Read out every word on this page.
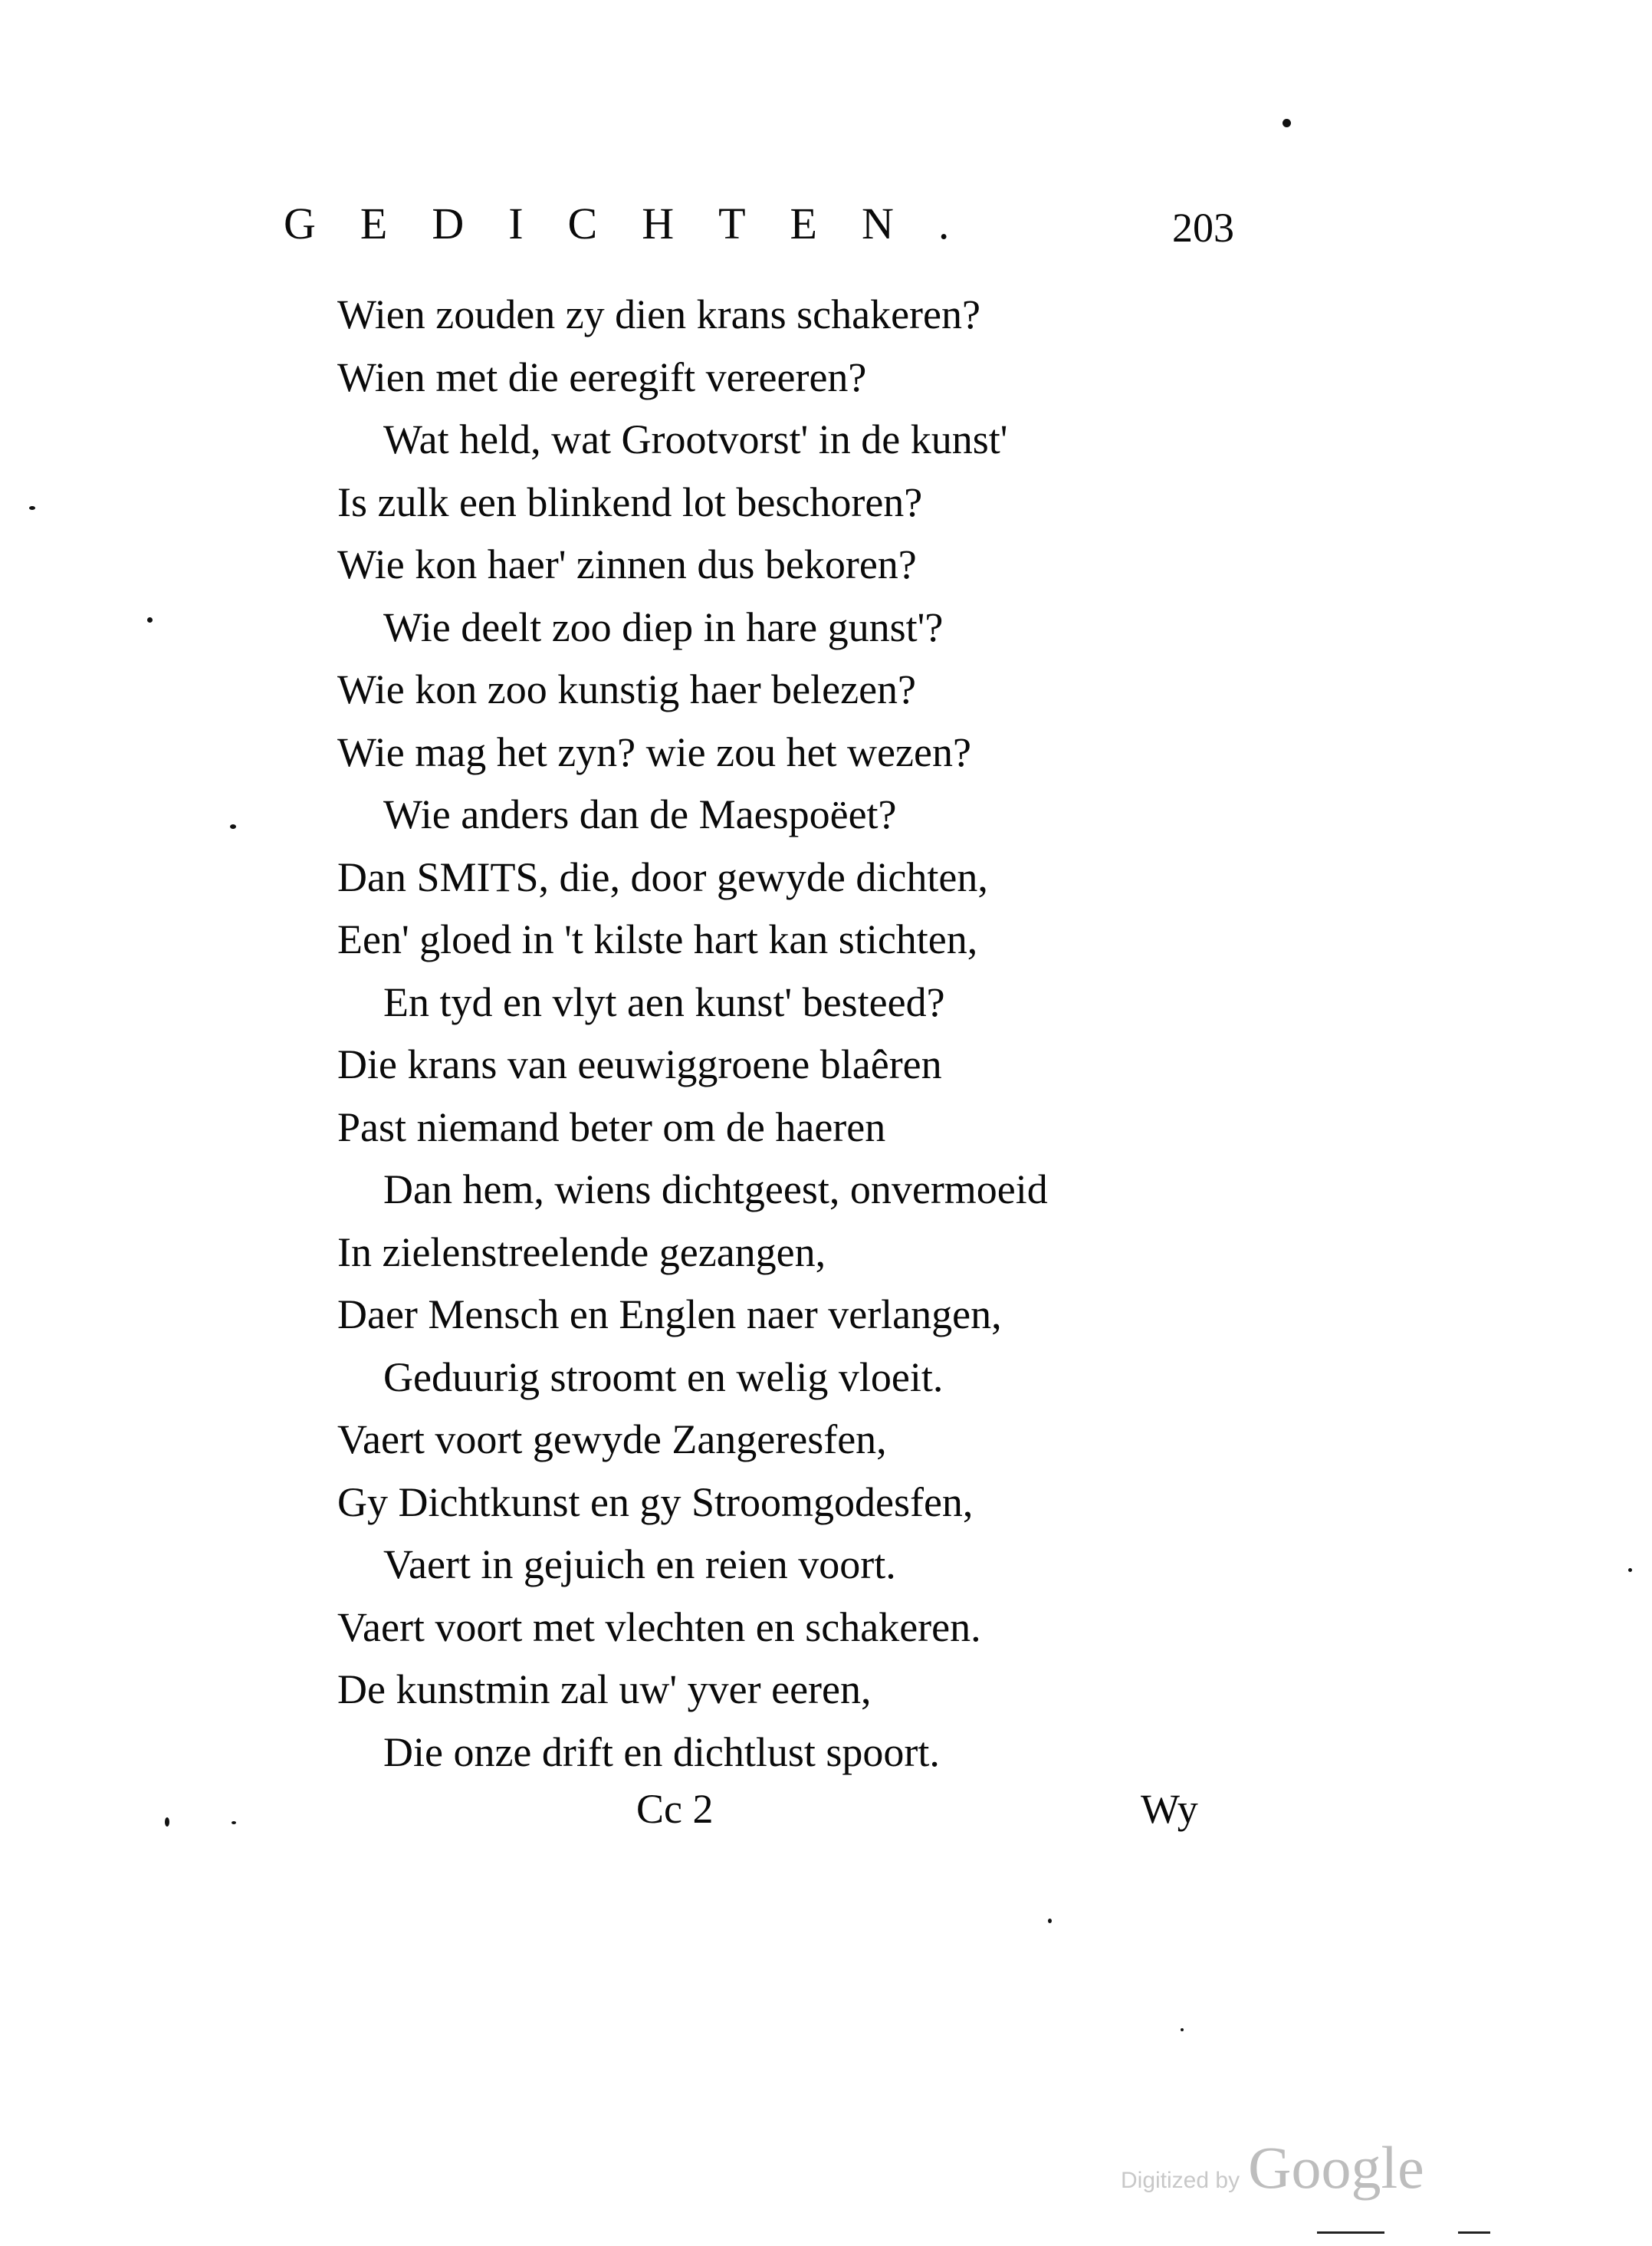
GEDICHTEN.	203
Wien zouden zy dien krans schakeren?
Wien met die eeregift vereeren?
Wat held, wat Grootvorst' in de kunst'
Is zulk een blinkend lot beschoren?
Wie kon haer' zinnen dus bekoren?
Wie deelt zoo diep in hare gunst'?
Wie kon zoo kunstig haer belezen?
Wie mag het zyn? wie zou het wezen?
Wie anders dan de Maespoëet?
Dan SMITS, die, door gewyde dichten,
Een' gloed in 't kilste hart kan stichten,
En tyd en vlyt aen kunst' besteed?
Die krans van eeuwiggroene blaêren
Past niemand beter om de haeren
Dan hem, wiens dichtgeest, onvermoeid
In zielenstreelende gezangen,
Daer Mensch en Englen naer verlangen,
Geduurig stroomt en welig vloeit.
Vaert voort gewyde Zangeresfen,
Gy Dichtkunst en gy Stroomgodesfen,
Vaert in gejuich en reien voort.
Vaert voort met vlechten en schakeren.
De kunstmin zal uw' yver eeren,
Die onze drift en dichtlust spoort.
Cc 2	Wy
Digitized by Google
